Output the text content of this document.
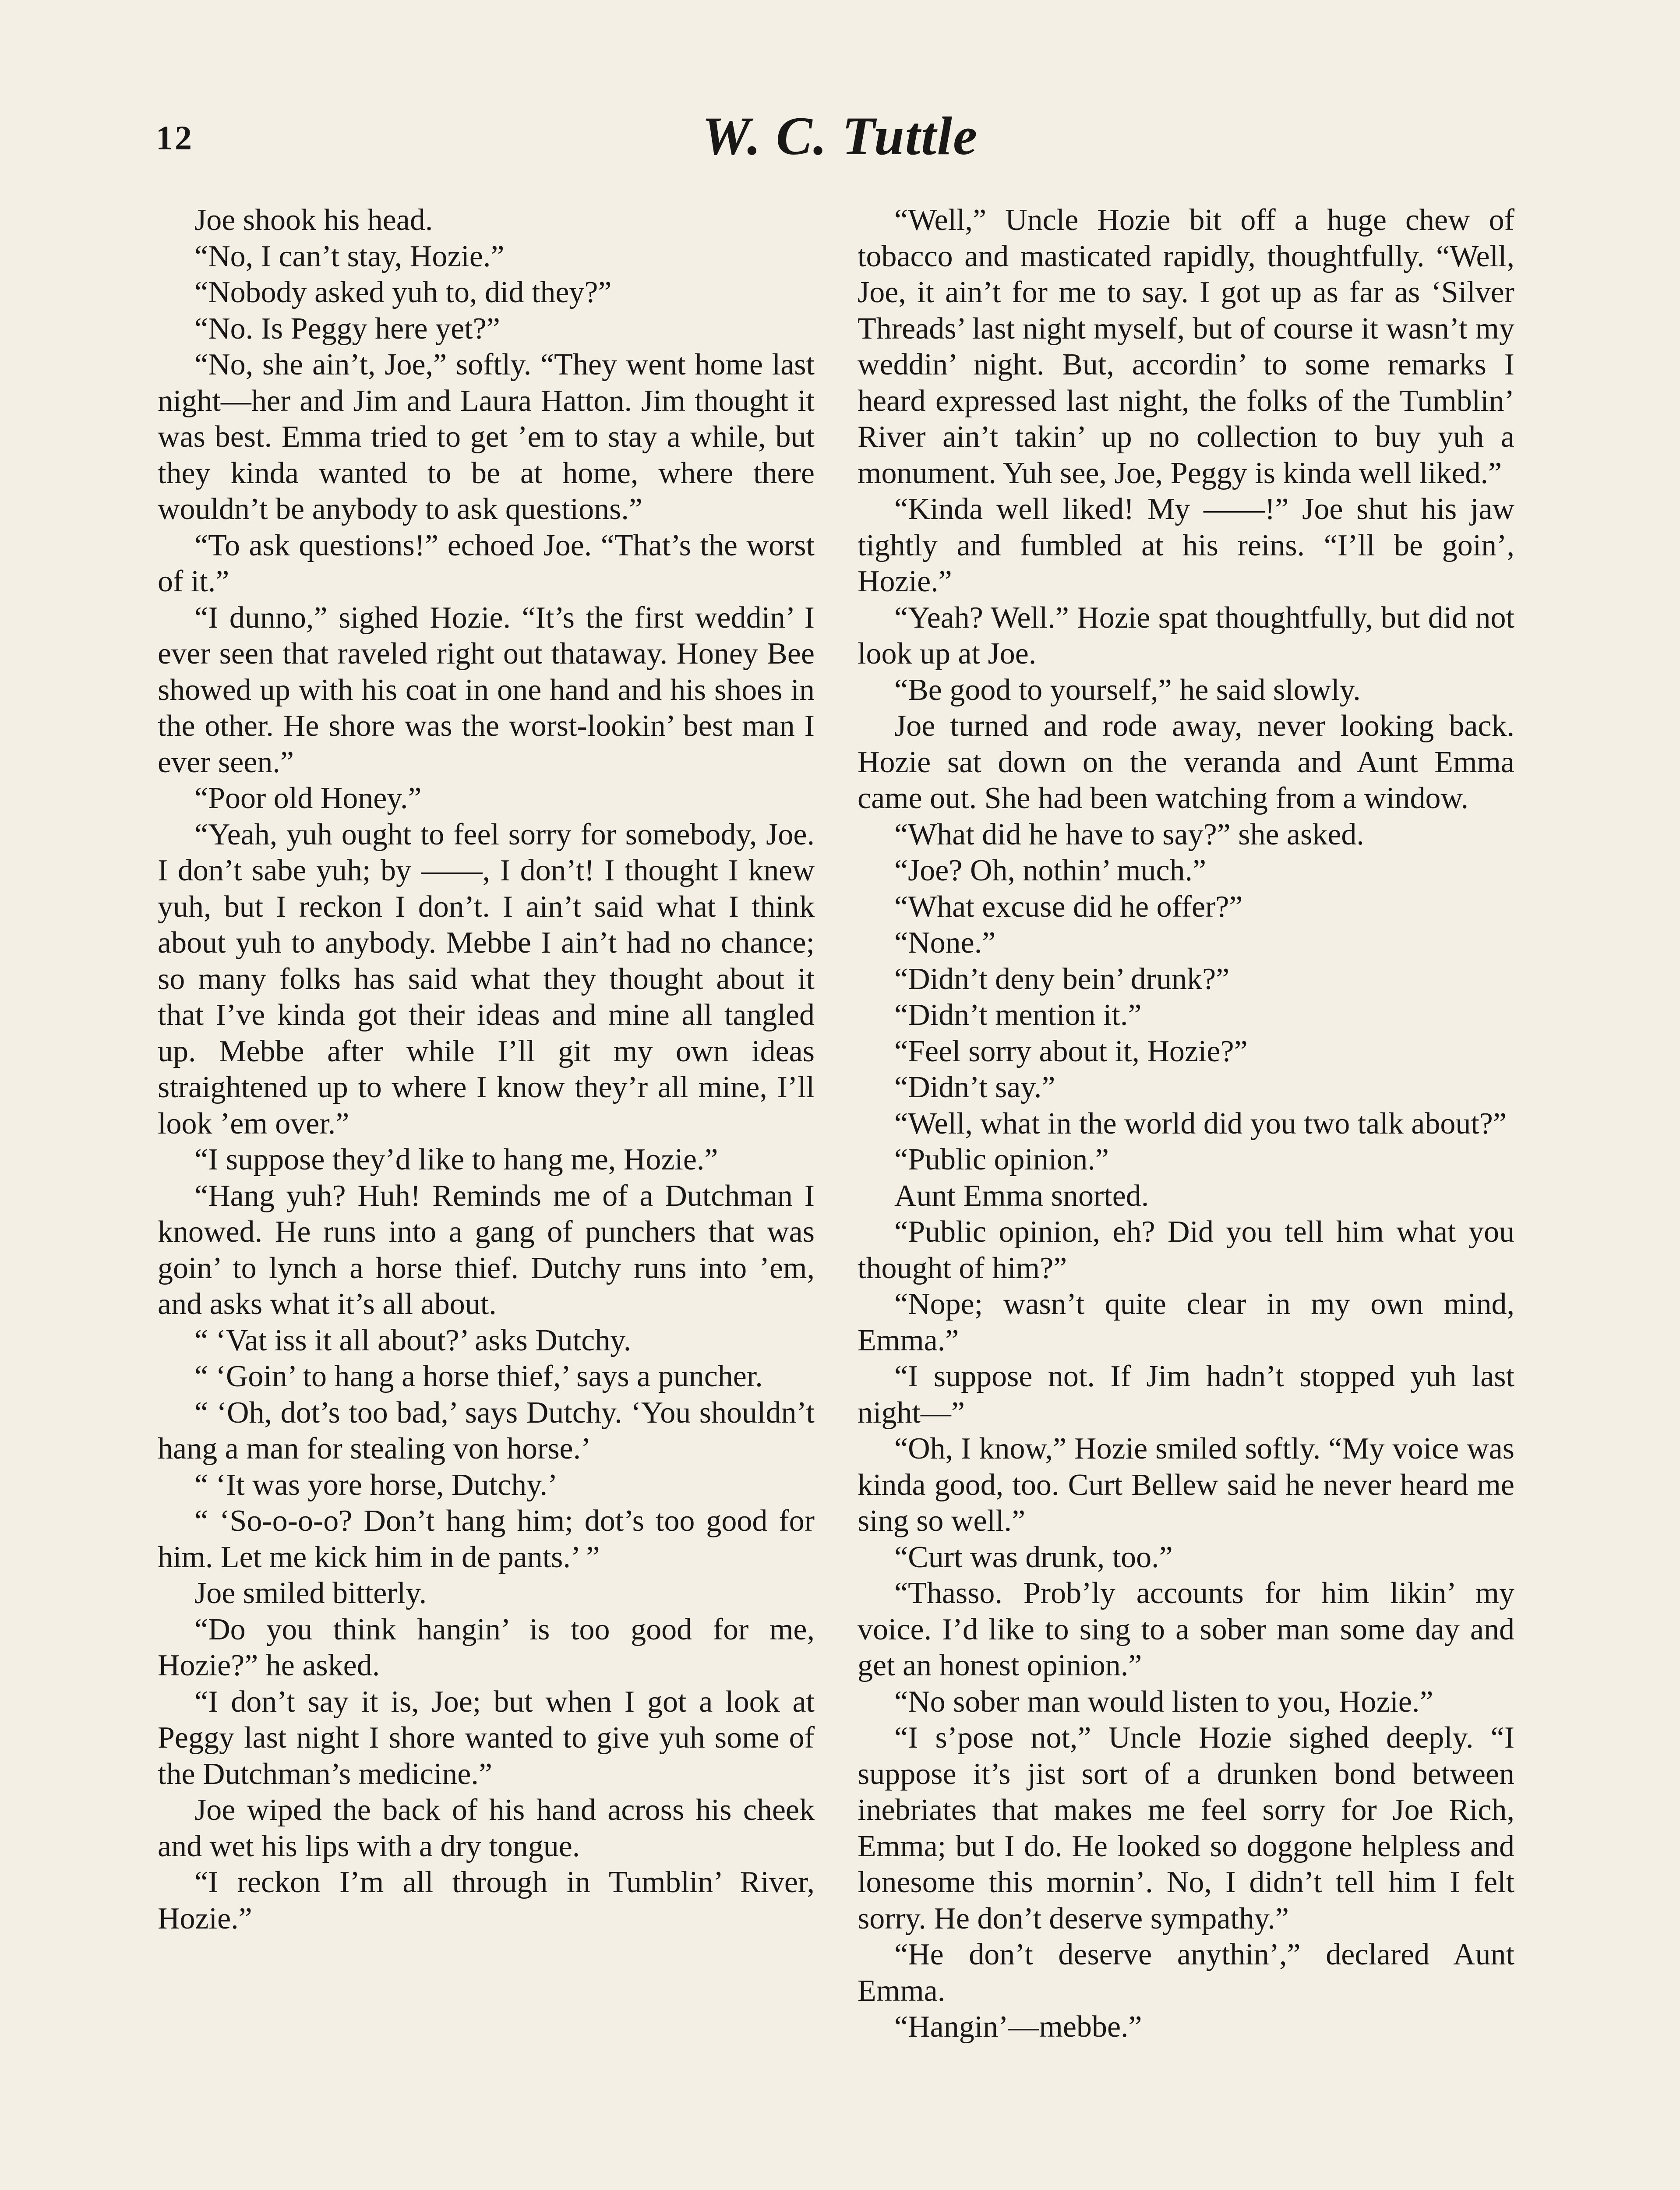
12	W. C. Tuttle

Joe shook his head.

“No, I can’t stay, Hozie.”

“Nobody asked yuh to, did they?”

“No. Is Peggy here yet?”

“No, she ain’t, Joe,” softly. “They went home last night—her and Jim and Laura Hatton. Jim thought it was best. Emma tried to get ’em to stay a while, but they kinda wanted to be at home, where there wouldn’t be anybody to ask questions.”

“To ask questions!” echoed Joe. “That’s the worst of it.”

“I dunno,” sighed Hozie. “It’s the first weddin’ I ever seen that raveled right out thataway. Honey Bee showed up with his coat in one hand and his shoes in the other. He shore was the worst-lookin’ best man I ever seen.”

“Poor old Honey.”

“Yeah, yuh ought to feel sorry for somebody, Joe. I don’t sabe yuh; by ——, I don’t! I thought I knew yuh, but I reckon I don’t. I ain’t said what I think about yuh to anybody. Mebbe I ain’t had no chance; so many folks has said what they thought about it that I’ve kinda got their ideas and mine all tangled up. Mebbe after while I’ll git my own ideas straightened up to where I know they’r all mine, I’ll look ’em over.”

“I suppose they’d like to hang me, Hozie.”

“Hang yuh? Huh! Reminds me of a Dutchman I knowed. He runs into a gang of punchers that was goin’ to lynch a horse thief. Dutchy runs into ’em, and asks what it’s all about.

“ ‘Vat iss it all about?’ asks Dutchy.

“ ‘Goin’ to hang a horse thief,’ says a puncher.

“ ‘Oh, dot’s too bad,’ says Dutchy. ‘You shouldn’t hang a man for stealing von horse.’

“ ‘It was yore horse, Dutchy.’

“ ‘So-o-o-o? Don’t hang him; dot’s too good for him. Let me kick him in de pants.’ ”

Joe smiled bitterly.

“Do you think hangin’ is too good for me, Hozie?” he asked.

“I don’t say it is, Joe; but when I got a look at Peggy last night I shore wanted to give yuh some of the Dutchman’s medicine.”

Joe wiped the back of his hand across his cheek and wet his lips with a dry tongue.

“I reckon I’m all through in Tumblin’ River, Hozie.”

“Well,” Uncle Hozie bit off a huge chew of tobacco and masticated rapidly, thoughtfully. “Well, Joe, it ain’t for me to say. I got up as far as ‘Silver Threads’ last night myself, but of course it wasn’t my weddin’ night. But, accordin’ to some remarks I heard expressed last night, the folks of the Tumblin’ River ain’t takin’ up no collection to buy yuh a monument. Yuh see, Joe, Peggy is kinda well liked.”

“Kinda well liked! My ——!” Joe shut his jaw tightly and fumbled at his reins. “I’ll be goin’, Hozie.”

“Yeah? Well.” Hozie spat thoughtfully, but did not look up at Joe.

“Be good to yourself,” he said slowly.

Joe turned and rode away, never looking back. Hozie sat down on the veranda and Aunt Emma came out. She had been watching from a window.

“What did he have to say?” she asked.

“Joe? Oh, nothin’ much.”

“What excuse did he offer?”

“None.”

“Didn’t deny bein’ drunk?”

“Didn’t mention it.”

“Feel sorry about it, Hozie?”

“Didn’t say.”

“Well, what in the world did you two talk about?”

“Public opinion.”

Aunt Emma snorted.

“Public opinion, eh? Did you tell him what you thought of him?”

“Nope; wasn’t quite clear in my own mind, Emma.”

“I suppose not. If Jim hadn’t stopped yuh last night—”

“Oh, I know,” Hozie smiled softly. “My voice was kinda good, too. Curt Bellew said he never heard me sing so well.”

“Curt was drunk, too.”

“Thasso. Prob’ly accounts for him likin’ my voice. I’d like to sing to a sober man some day and get an honest opinion.”

“No sober man would listen to you, Hozie.”

“I s’pose not,” Uncle Hozie sighed deeply. “I suppose it’s jist sort of a drunken bond between inebriates that makes me feel sorry for Joe Rich, Emma; but I do. He looked so doggone helpless and lonesome this mornin’. No, I didn’t tell him I felt sorry. He don’t deserve sympathy.”

“He don’t deserve anythin’,” declared Aunt Emma.

“Hangin’—mebbe.”
